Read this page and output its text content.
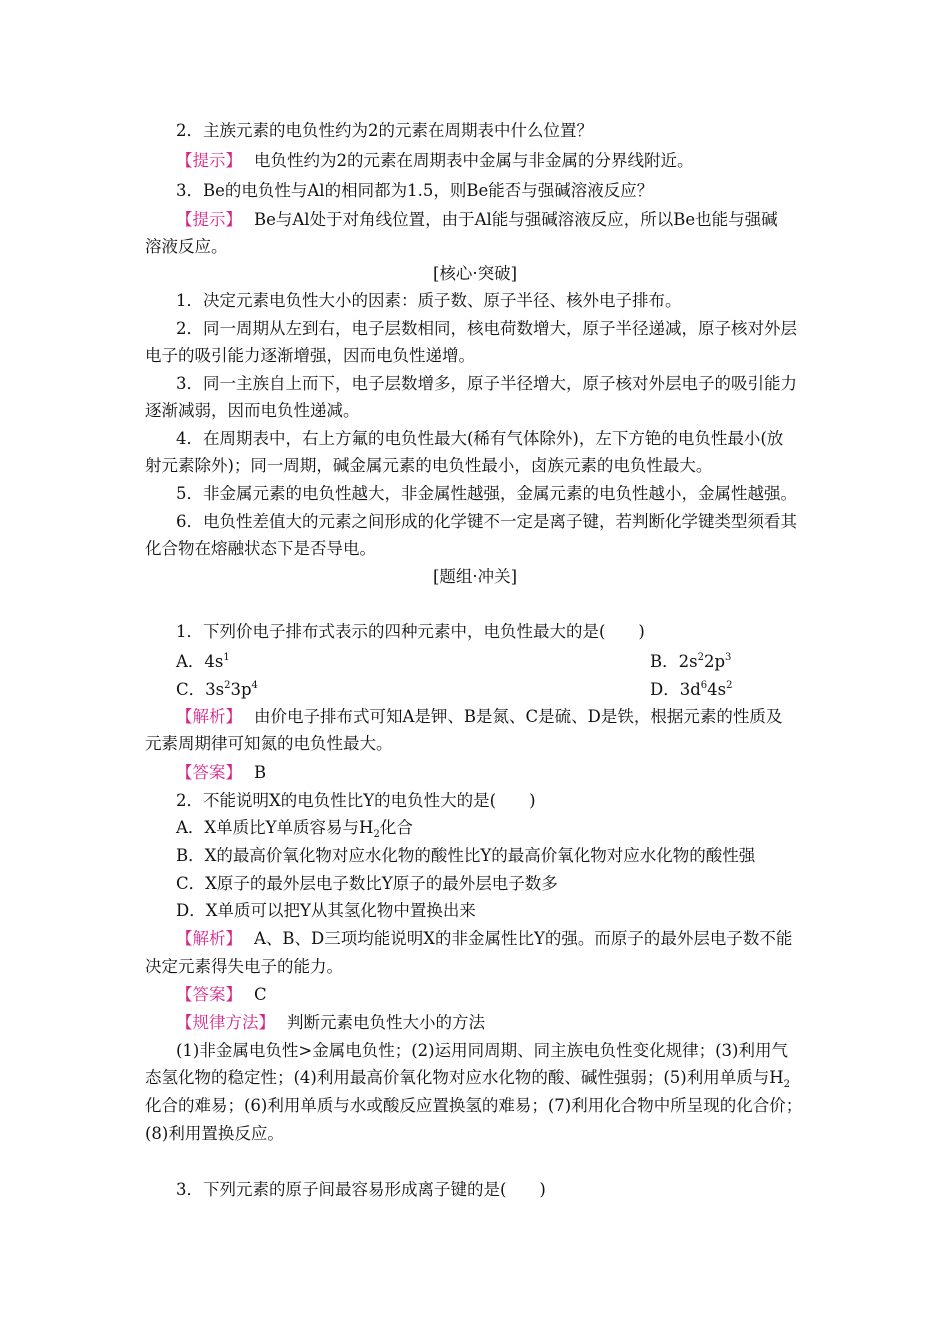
2．主族元素的电负性约为2的元素在周期表中什么位置？
【提示】 电负性约为2的元素在周期表中金属与非金属的分界线附近。
3．Be的电负性与Al的相同都为1.5，则Be能否与强碱溶液反应？
【提示】 Be与Al处于对角线位置，由于Al能与强碱溶液反应，所以Be也能与强碱
溶液反应。
[核心·突破]
1．决定元素电负性大小的因素：质子数、原子半径、核外电子排布。
2．同一周期从左到右，电子层数相同，核电荷数增大，原子半径递减，原子核对外层
电子的吸引能力逐渐增强，因而电负性递增。
3．同一主族自上而下，电子层数增多，原子半径增大，原子核对外层电子的吸引能力
逐渐减弱，因而电负性递减。
4．在周期表中，右上方氟的电负性最大(稀有气体除外)，左下方铯的电负性最小(放
射元素除外)；同一周期，碱金属元素的电负性最小，卤族元素的电负性最大。
5．非金属元素的电负性越大，非金属性越强，金属元素的电负性越小，金属性越强。
6．电负性差值大的元素之间形成的化学键不一定是离子键，若判断化学键类型须看其
化合物在熔融状态下是否导电。
[题组·冲关]
1．下列价电子排布式表示的四种元素中，电负性最大的是(　　)
A．$4s^1$	B．$2s^22p^3$
C．$3s^23p^4$	D．$3d^64s^2$
【解析】 由价电子排布式可知A是钾、B是氮、C是硫、D是铁，根据元素的性质及
元素周期律可知氮的电负性最大。
【答案】 B
2．不能说明X的电负性比Y的电负性大的是(　　)
A．X单质比Y单质容易与$H_2$化合
B．X的最高价氧化物对应水化物的酸性比Y的最高价氧化物对应水化物的酸性强
C．X原子的最外层电子数比Y原子的最外层电子数多
D．X单质可以把Y从其氢化物中置换出来
【解析】 A、B、D三项均能说明X的非金属性比Y的强。而原子的最外层电子数不能
决定元素得失电子的能力。
【答案】 C
【规律方法】 判断元素电负性大小的方法
(1)非金属电负性>金属电负性；(2)运用同周期、同主族电负性变化规律；(3)利用气
态氢化物的稳定性；(4)利用最高价氧化物对应水化物的酸、碱性强弱；(5)利用单质与$H_2$
化合的难易；(6)利用单质与水或酸反应置换氢的难易；(7)利用化合物中所呈现的化合价；
(8)利用置换反应。
3．下列元素的原子间最容易形成离子键的是(　　)
